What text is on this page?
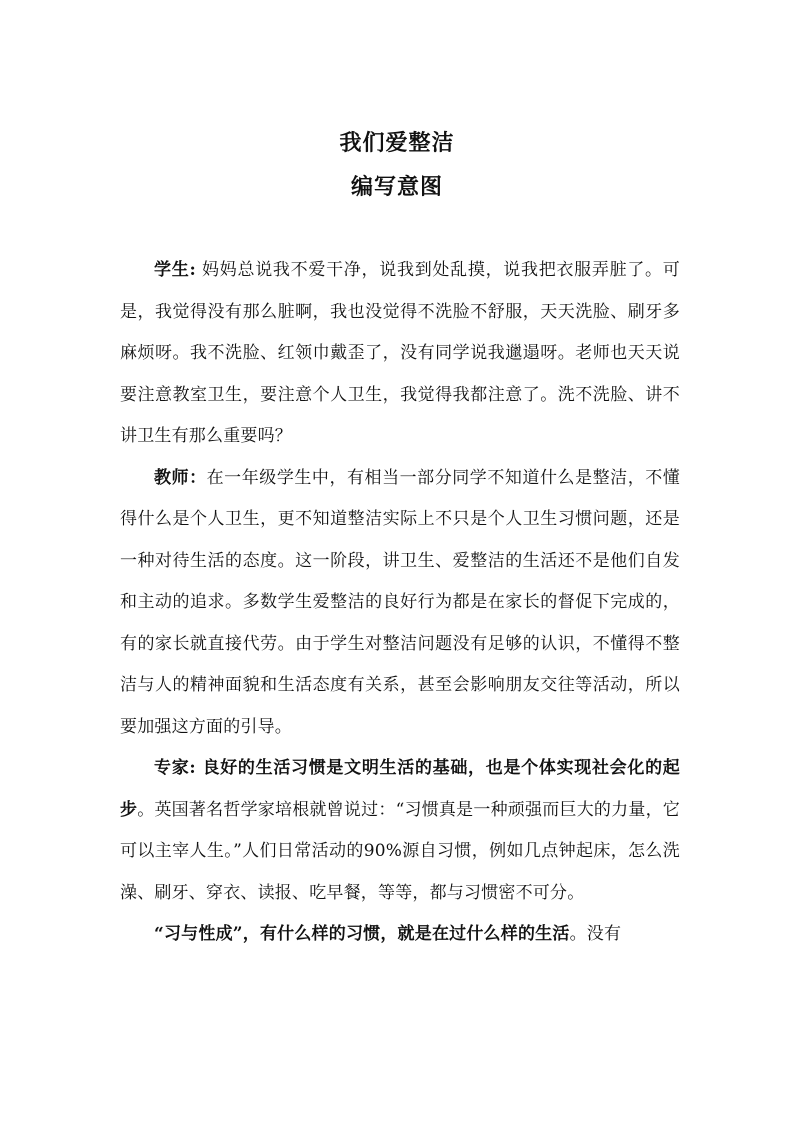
我们爱整洁
编写意图

学生: 妈妈总说我不爱干净，说我到处乱摸，说我把衣服弄脏了。可是，我觉得没有那么脏啊，我也没觉得不洗脸不舒服，天天洗脸、刷牙多麻烦呀。我不洗脸、红领巾戴歪了，没有同学说我邋遢呀。老师也天天说要注意教室卫生，要注意个人卫生，我觉得我都注意了。洗不洗脸、讲不讲卫生有那么重要吗？

教师：在一年级学生中，有相当一部分同学不知道什么是整洁，不懂得什么是个人卫生，更不知道整洁实际上不只是个人卫生习惯问题，还是一种对待生活的态度。这一阶段，讲卫生、爱整洁的生活还不是他们自发和主动的追求。多数学生爱整洁的良好行为都是在家长的督促下完成的，有的家长就直接代劳。由于学生对整洁问题没有足够的认识，不懂得不整洁与人的精神面貌和生活态度有关系，甚至会影响朋友交往等活动，所以要加强这方面的引导。

专家: 良好的生活习惯是文明生活的基础，也是个体实现社会化的起步。英国著名哲学家培根就曾说过：“习惯真是一种顽强而巨大的力量，它可以主宰人生。”人们日常活动的90%源自习惯，例如几点钟起床，怎么洗澡、刷牙、穿衣、读报、吃早餐，等等，都与习惯密不可分。

“习与性成”，有什么样的习惯，就是在过什么样的生活。没有
